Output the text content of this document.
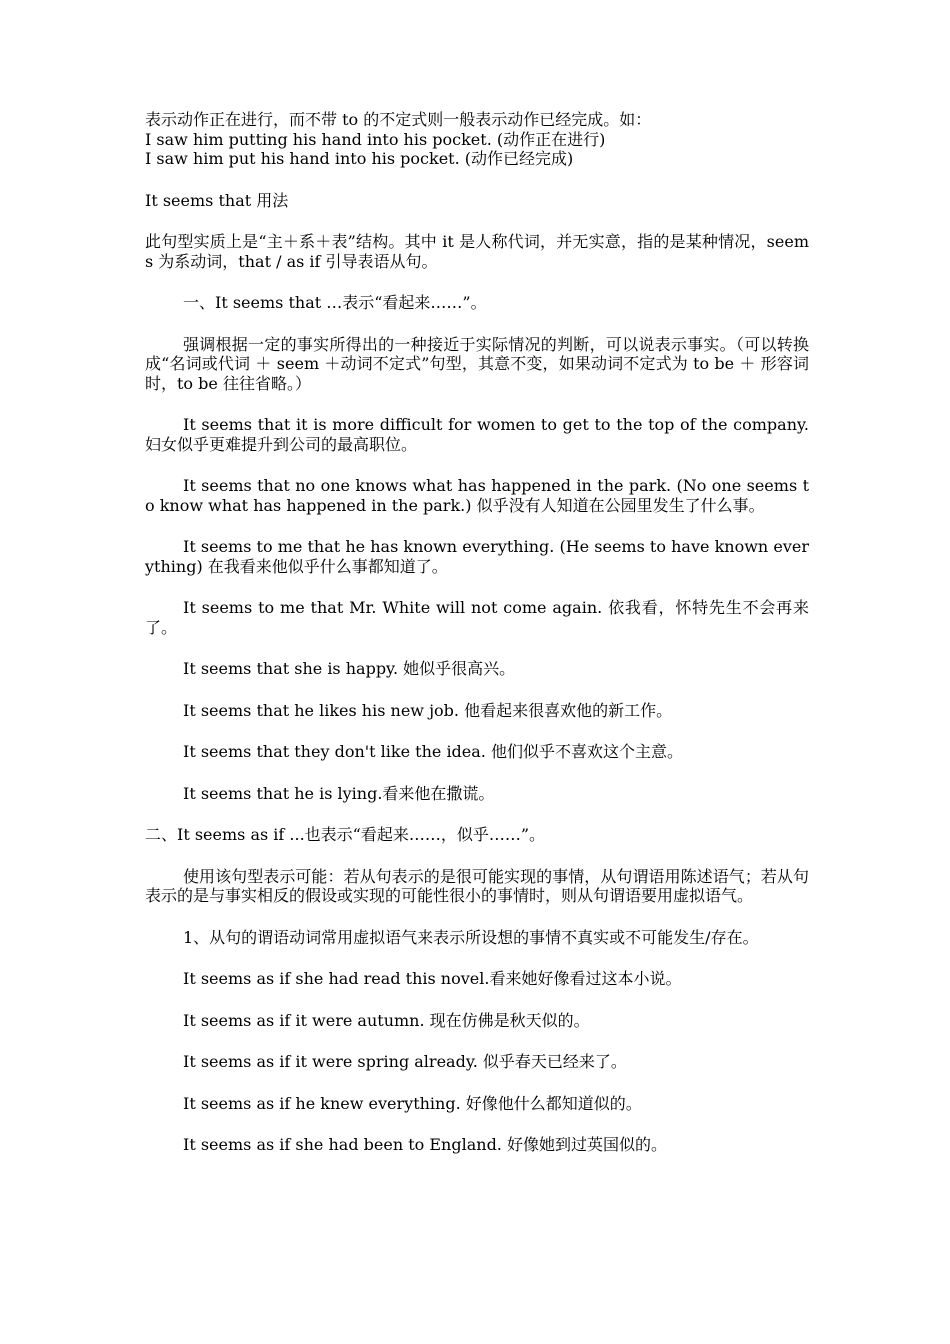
表示动作正在进行，而不带 to 的不定式则一般表示动作已经完成。如：

I saw him putting his hand into his pocket. (动作正在进行)

I saw him put his hand into his pocket. (动作已经完成)

It seems that 用法

此句型实质上是“主＋系＋表”结构。其中 it 是人称代词，并无实意，指的是某种情况，seems 为系动词，that / as if 引导表语从句。

一、It seems that …表示“看起来……”。

强调根据一定的事实所得出的一种接近于实际情况的判断，可以说表示事实。（可以转换成“名词或代词 ＋ seem ＋动词不定式”句型，其意不变，如果动词不定式为 to be ＋ 形容词时，to be 往往省略。）

It seems that it is more difficult for women to get to the top of the company. 妇女似乎更难提升到公司的最高职位。

It seems that no one knows what has happened in the park. (No one seems to know what has happened in the park.) 似乎没有人知道在公园里发生了什么事。

It seems to me that he has known everything. (He seems to have known everything) 在我看来他似乎什么事都知道了。

It seems to me that Mr. White will not come again. 依我看，怀特先生不会再来了。

It seems that she is happy. 她似乎很高兴。

It seems that he likes his new job. 他看起来很喜欢他的新工作。

It seems that they don't like the idea. 他们似乎不喜欢这个主意。

It seems that he is lying.看来他在撒谎。

二、It seems as if ...也表示“看起来……，似乎……”。

使用该句型表示可能：若从句表示的是很可能实现的事情，从句谓语用陈述语气；若从句表示的是与事实相反的假设或实现的可能性很小的事情时，则从句谓语要用虚拟语气。

1、从句的谓语动词常用虚拟语气来表示所设想的事情不真实或不可能发生/存在。

It seems as if she had read this novel.看来她好像看过这本小说。

It seems as if it were autumn. 现在仿佛是秋天似的。

It seems as if it were spring already. 似乎春天已经来了。

It seems as if he knew everything. 好像他什么都知道似的。

It seems as if she had been to England. 好像她到过英国似的。
